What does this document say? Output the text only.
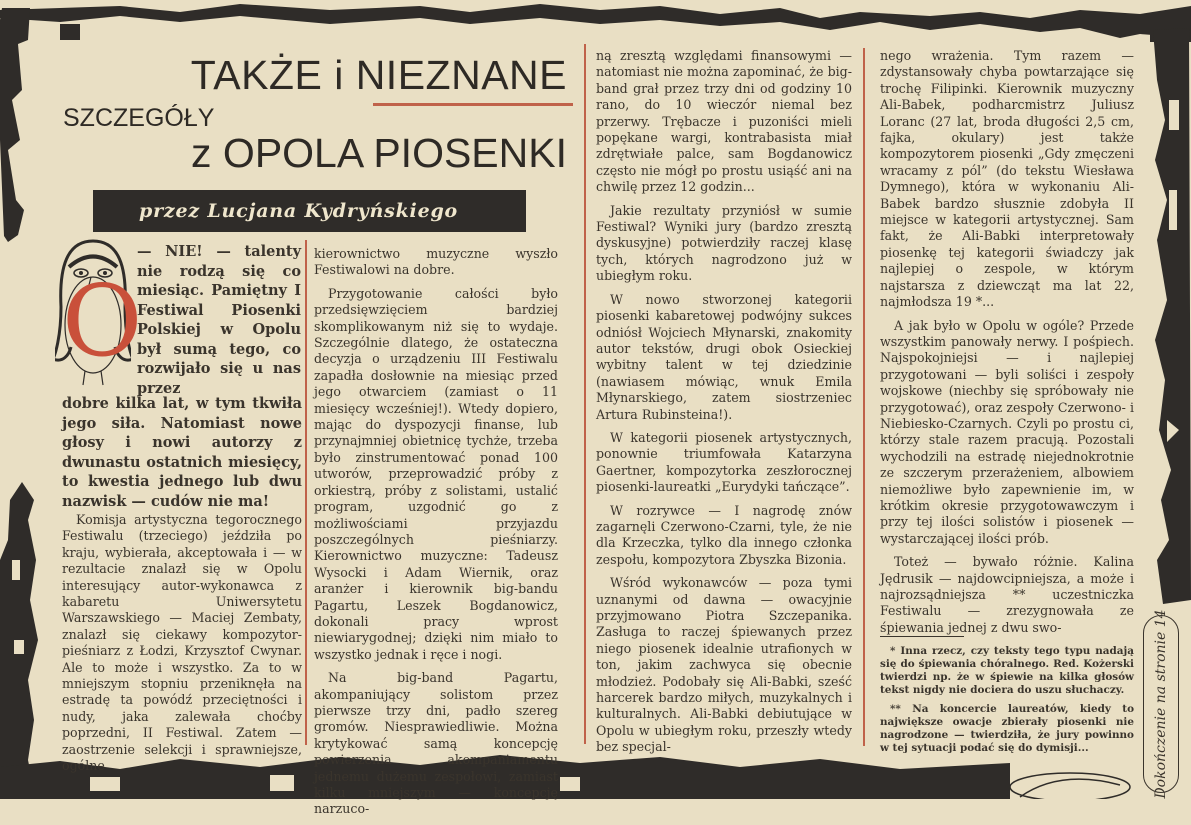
TAKŻE i NIEZNANE
SZCZEGÓŁY
z OPOLA PIOSENKI
przez Lucjana Kydryńskiego
O
— NIE! — talenty nie rodzą się co miesiąc. Pamiętny I Festiwal Piosenki Polskiej w Opolu był sumą tego, co rozwijało się u nas przez
dobre kilka lat, w tym tkwiła jego siła. Natomiast nowe głosy i nowi autorzy z dwunastu ostatnich miesięcy, to kwestia jednego lub dwu nazwisk — cudów nie ma!

Komisja artystyczna tegorocznego Festiwalu (trzeciego) jeździła po kraju, wybierała, akceptowała i — w rezultacie znalazł się w Opolu interesujący autor-wykonawca z kabaretu Uniwersytetu Warszawskiego — Maciej Zembaty, znalazł się ciekawy kompozytor-pieśniarz z Łodzi, Krzysztof Cwynar. Ale to może i wszystko. Za to w mniejszym stopniu przeniknęła na estradę ta powódź przeciętności i nudy, jaka zalewała choćby poprzedni, II Festiwal. Zatem — zaostrzenie selekcji i sprawniejsze, ogólne

kierownictwo muzyczne wyszło Festiwalowi na dobre.

Przygotowanie całości było przedsięwzięciem bardziej skomplikowanym niż się to wydaje. Szczególnie dlatego, że ostateczna decyzja o urządzeniu III Festiwalu zapadła dosłownie na miesiąc przed jego otwarciem (zamiast o 11 miesięcy wcześniej!). Wtedy dopiero, mając do dyspozycji finanse, lub przynajmniej obietnicę tychże, trzeba było zinstrumentować ponad 100 utworów, przeprowadzić próby z orkiestrą, próby z solistami, ustalić program, uzgodnić go z możliwościami przyjazdu poszczególnych pieśniarzy. Kierownictwo muzyczne: Tadeusz Wysocki i Adam Wiernik, oraz aranżer i kierownik big-bandu Pagartu, Leszek Bogdanowicz, dokonali pracy wprost niewiarygodnej; dzięki nim miało to wszystko jednak i ręce i nogi.

Na big-band Pagartu, akompaniujący solistom przez pierwsze trzy dni, padło szereg gromów. Niesprawiedliwie. Można krytykować samą koncepcję powierzenia akompaniamentu jednemu dużemu zespołowi, zamiast kilku mniejszym — koncepcję narzuco-

ną zresztą względami finansowymi — natomiast nie można zapominać, że big-band grał przez trzy dni od godziny 10 rano, do 10 wieczór niemal bez przerwy. Trębacze i puzoniści mieli popękane wargi, kontrabasista miał zdrętwiałe palce, sam Bogdanowicz często nie mógł po prostu usiąść ani na chwilę przez 12 godzin...

Jakie rezultaty przyniósł w sumie Festiwal? Wyniki jury (bardzo zresztą dyskusyjne) potwierdziły raczej klasę tych, których nagrodzono już w ubiegłym roku.

W nowo stworzonej kategorii piosenki kabaretowej podwójny sukces odniósł Wojciech Młynarski, znakomity autor tekstów, drugi obok Osieckiej wybitny talent w tej dziedzinie (nawiasem mówiąc, wnuk Emila Młynarskiego, zatem siostrzeniec Artura Rubinsteina!).

W kategorii piosenek artystycznych, ponownie triumfowała Katarzyna Gaertner, kompozytorka zeszłorocznej piosenki-laureatki „Eurydyki tańczące”.

W rozrywce — I nagrodę znów zagarnęli Czerwono-Czarni, tyle, że nie dla Krzeczka, tylko dla innego członka zespołu, kompozytora Zbyszka Bizonia.

Wśród wykonawców — poza tymi uznanymi od dawna — owacyjnie przyjmowano Piotra Szczepanika. Zasługa to raczej śpiewanych przez niego piosenek idealnie utrafionych w ton, jakim zachwyca się obecnie młodzież. Podobały się Ali-Babki, sześć harcerek bardzo miłych, muzykalnych i kulturalnych. Ali-Babki debiutujące w Opolu w ubiegłym roku, przeszły wtedy bez specjal-

nego wrażenia. Tym razem — zdystansowały chyba powtarzające się trochę Filipinki. Kierownik muzyczny Ali-Babek, podharcmistrz Juliusz Loranc (27 lat, broda długości 2,5 cm, fajka, okulary) jest także kompozytorem piosenki „Gdy zmęczeni wracamy z pól” (do tekstu Wiesława Dymnego), która w wykonaniu Ali-Babek bardzo słusznie zdobyła II miejsce w kategorii artystycznej. Sam fakt, że Ali-Babki interpretowały piosenkę tej kategorii świadczy jak najlepiej o zespole, w którym najstarsza z dziewcząt ma lat 22, najmłodsza 19 *...

A jak było w Opolu w ogóle? Przede wszystkim panowały nerwy. I pośpiech. Najspokojniejsi — i najlepiej przygotowani — byli soliści i zespoły wojskowe (niechby się spróbowały nie przygotować), oraz zespoły Czerwono- i Niebiesko-Czarnych. Czyli po prostu ci, którzy stale razem pracują. Pozostali wychodzili na estradę niejednokrotnie ze szczerym przerażeniem, albowiem niemożliwe było zapewnienie im, w krótkim okresie przygotowawczym i przy tej ilości solistów i piosenek — wystarczającej ilości prób.

Toteż — bywało różnie. Kalina Jędrusik — najdowcipniejsza, a może i najrozsądniejsza ** uczestniczka Festiwalu — zrezygnowała ze śpiewania jednej z dwu swo-

* Inna rzecz, czy teksty tego typu nadają się do śpiewania chóralnego. Red. Kożerski twierdzi np. że w śpiewie na kilka głosów tekst nigdy nie dociera do uszu słuchaczy.

** Na koncercie laureatów, kiedy to największe owacje zbierały piosenki nie nagrodzone — twierdziła, że jury powinno w tej sytuacji podać się do dymisji...	Dokończenie na stronie 14
